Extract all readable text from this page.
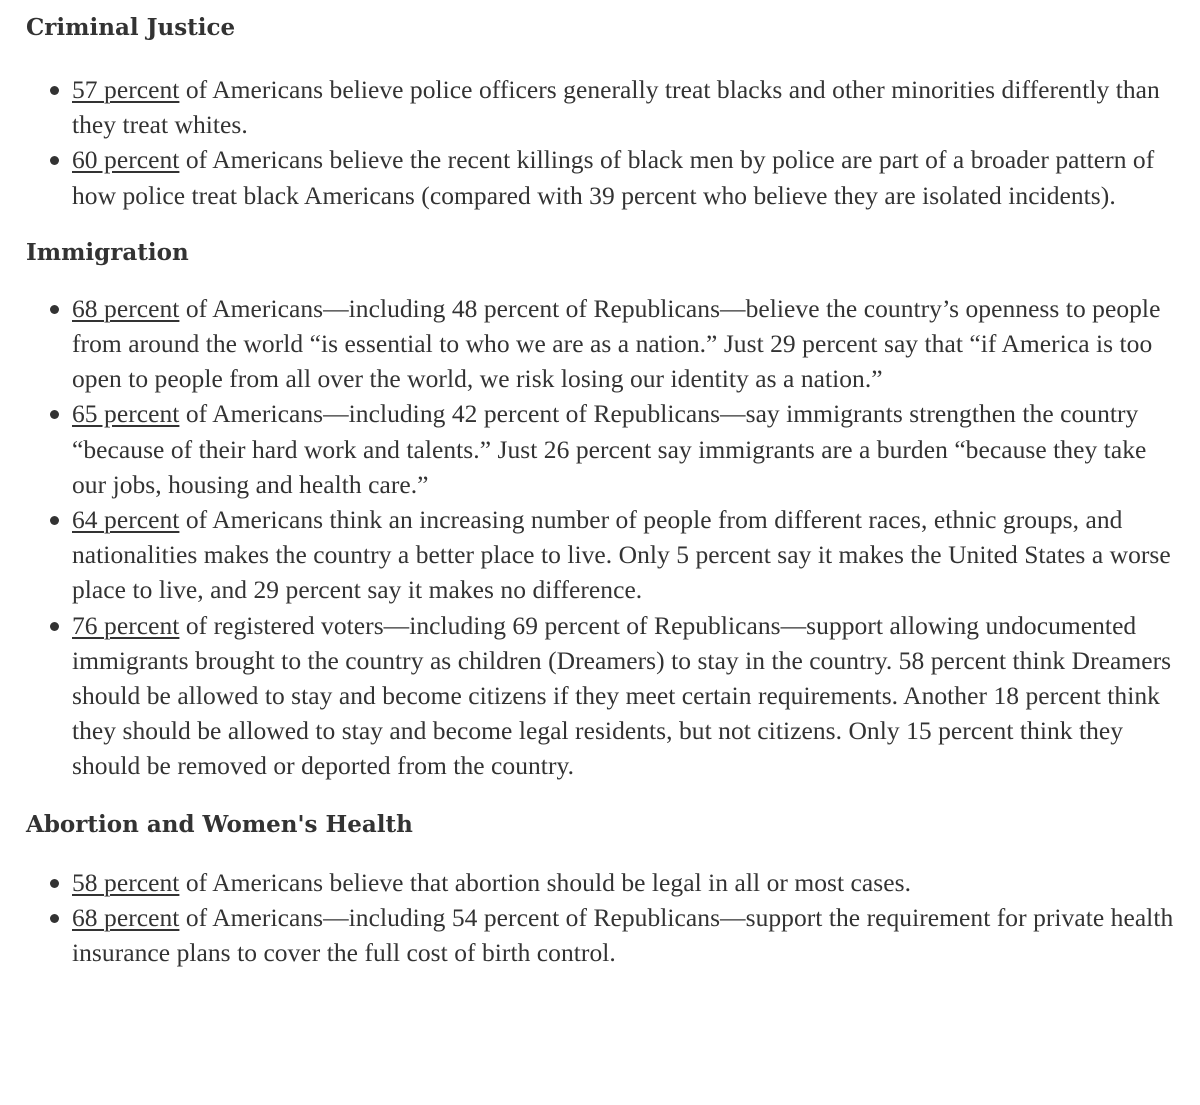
Criminal Justice
57 percent of Americans believe police officers generally treat blacks and other minorities differently than they treat whites.
60 percent of Americans believe the recent killings of black men by police are part of a broader pattern of how police treat black Americans (compared with 39 percent who believe they are isolated incidents).
Immigration
68 percent of Americans—including 48 percent of Republicans—believe the country’s openness to people from around the world “is essential to who we are as a nation.” Just 29 percent say that “if America is too open to people from all over the world, we risk losing our identity as a nation.”
65 percent of Americans—including 42 percent of Republicans—say immigrants strengthen the country “because of their hard work and talents.” Just 26 percent say immigrants are a burden “because they take our jobs, housing and health care.”
64 percent of Americans think an increasing number of people from different races, ethnic groups, and nationalities makes the country a better place to live. Only 5 percent say it makes the United States a worse place to live, and 29 percent say it makes no difference.
76 percent of registered voters—including 69 percent of Republicans—support allowing undocumented immigrants brought to the country as children (Dreamers) to stay in the country. 58 percent think Dreamers should be allowed to stay and become citizens if they meet certain requirements. Another 18 percent think they should be allowed to stay and become legal residents, but not citizens. Only 15 percent think they should be removed or deported from the country.
Abortion and Women's Health
58 percent of Americans believe that abortion should be legal in all or most cases.
68 percent of Americans—including 54 percent of Republicans—support the requirement for private health insurance plans to cover the full cost of birth control.
